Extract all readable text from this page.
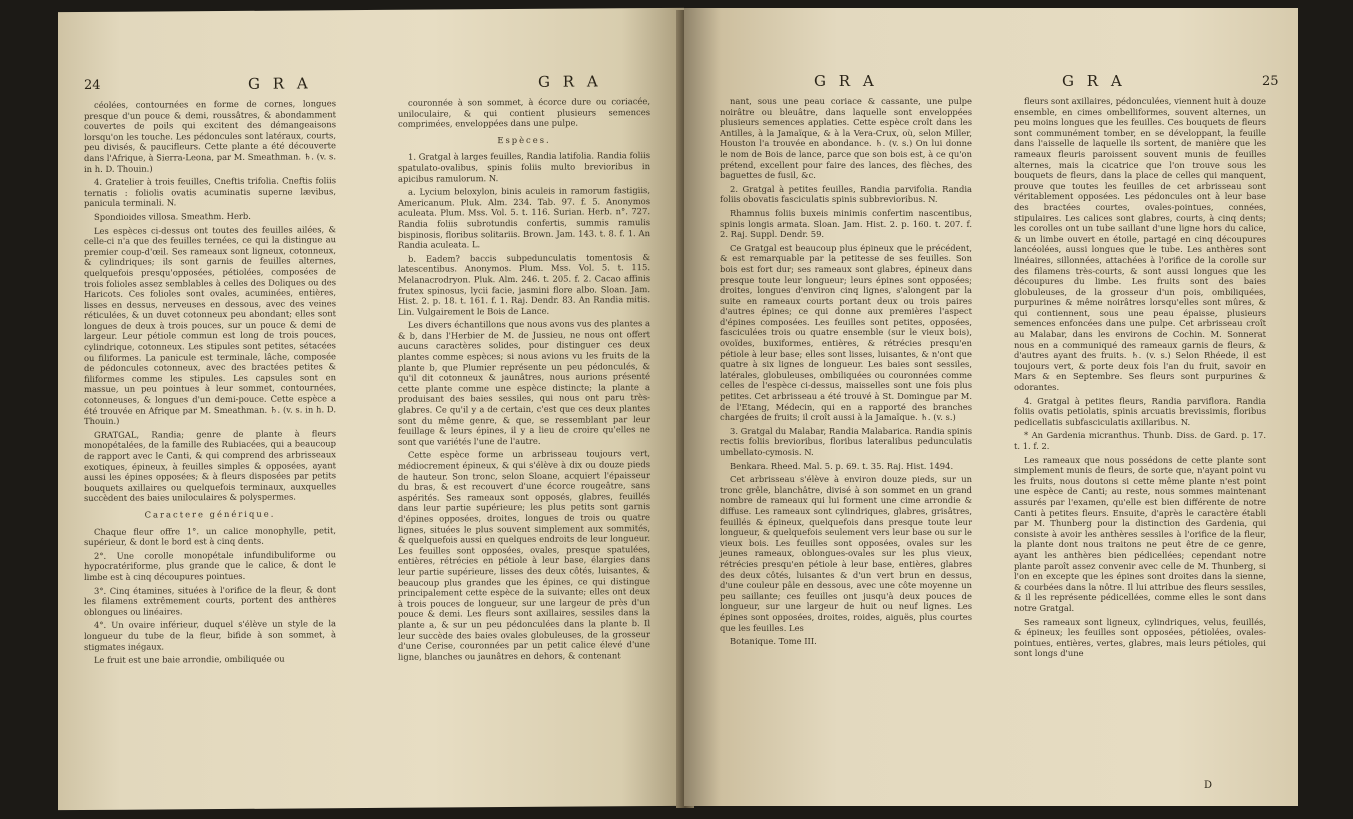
24	G R A	G R A

céolées, contournées en forme de cornes, longues presque d'un pouce & demi, roussâtres, & abondamment couvertes de poils qui excitent des démangeaisons lorsqu'on les touche. Les pédoncules sont latéraux, courts, peu divisés, & paucifleurs. Cette plante a été découverte dans l'Afrique, à Sierra-Leona, par M. Smeathman. ♄. (v. s. in h. D. Thouin.)

4. Gratelier à trois feuilles, Cneftis trifolia. Cneftis foliis ternatis : foliolis ovatis acuminatis superne lævibus, panicula terminali. N.

Spondioides villosa. Smeathm. Herb.

Les espèces ci-dessus ont toutes des feuilles ailées, & celle-ci n'a que des feuilles ternées, ce qui la distingue au premier coup-d'œil. Ses rameaux sont ligneux, cotonneux, & cylindriques; ils sont garnis de feuilles alternes, quelquefois presqu'opposées, pétiolées, composées de trois folioles assez semblables à celles des Doliques ou des Haricots. Ces folioles sont ovales, acuminées, entières, lisses en dessus, nerveuses en dessous, avec des veines réticulées, & un duvet cotonneux peu abondant; elles sont longues de deux à trois pouces, sur un pouce & demi de largeur. Leur pétiole commun est long de trois pouces, cylindrique, cotonneux. Les stipules sont petites, sétacées ou filiformes. La panicule est terminale, lâche, composée de pédoncules cotonneux, avec des bractées petites & filiformes comme les stipules. Les capsules sont en massue, un peu pointues à leur sommet, contournées, cotonneuses, & longues d'un demi-pouce. Cette espèce a été trouvée en Afrique par M. Smeathman. ♄. (v. s. in h. D. Thouin.)

GRATGAL, Randia; genre de plante à fleurs monopétalées, de la famille des Rubiacées, qui a beaucoup de rapport avec le Canti, & qui comprend des arbrisseaux exotiques, épineux, à feuilles simples & opposées, ayant aussi les épines opposées; & à fleurs disposées par petits bouquets axillaires ou quelquefois terminaux, auxquelles succèdent des baies uniloculaires & polyspermes.

Caractere générique.

Chaque fleur offre 1°. un calice monophylle, petit, supérieur, & dont le bord est à cinq dents.

2°. Une corolle monopétale infundibuliforme ou hypocratériforme, plus grande que le calice, & dont le limbe est à cinq découpures pointues.

3°. Cinq étamines, situées à l'orifice de la fleur, & dont les filamens extrêmement courts, portent des anthères oblongues ou linéaires.

4°. Un ovaire inférieur, duquel s'élève un style de la longueur du tube de la fleur, bifide à son sommet, à stigmates inégaux.

Le fruit est une baie arrondie, ombiliquée ou

couronnée à son sommet, à écorce dure ou coriacée, uniloculaire, & qui contient plusieurs semences comprimées, enveloppées dans une pulpe.

Espèces.

1. Gratgal à larges feuilles, Randia latifolia. Randia foliis spatulato-ovalibus, spinis foliis multo brevioribus in apicibus ramulorum. N.

a. Lycium beloxylon, binis aculeis in ramorum fastigiis, Americanum. Pluk. Alm. 234. Tab. 97. f. 5. Anonymos aculeata. Plum. Mss. Vol. 5. t. 116. Surian. Herb. n°. 727. Randia foliis subrotundis confertis, summis ramulis bispinosis, floribus solitariis. Brown. Jam. 143. t. 8. f. 1. An Randia aculeata. L.

b. Eadem? baccis subpedunculatis tomentosis & latescentibus. Anonymos. Plum. Mss. Vol. 5. t. 115. Melanacrodryon. Pluk. Alm. 246. t. 205. f. 2. Cacao affinis frutex spinosus, lycii facie, jasmini flore albo. Sloan. Jam. Hist. 2. p. 18. t. 161. f. 1. Raj. Dendr. 83. An Randia mitis. Lin. Vulgairement le Bois de Lance.

Les divers échantillons que nous avons vus des plantes a & b, dans l'Herbier de M. de Jussieu, ne nous ont offert aucuns caractères solides, pour distinguer ces deux plantes comme espèces; si nous avions vu les fruits de la plante b, que Plumier représente un peu pédonculés, & qu'il dit cotonneux & jaunâtres, nous aurions présenté cette plante comme une espèce distincte; la plante a produisant des baies sessiles, qui nous ont paru très-glabres. Ce qu'il y a de certain, c'est que ces deux plantes sont du même genre, & que, se ressemblant par leur feuillage & leurs épines, il y a lieu de croire qu'elles ne sont que variétés l'une de l'autre.

Cette espèce forme un arbrisseau toujours vert, médiocrement épineux, & qui s'élève à dix ou douze pieds de hauteur. Son tronc, selon Sloane, acquiert l'épaisseur du bras, & est recouvert d'une écorce rougeâtre, sans aspérités. Ses rameaux sont opposés, glabres, feuillés dans leur partie supérieure; les plus petits sont garnis d'épines opposées, droites, longues de trois ou quatre lignes, situées le plus souvent simplement aux sommités, & quelquefois aussi en quelques endroits de leur longueur. Les feuilles sont opposées, ovales, presque spatulées, entières, rétrécies en pétiole à leur base, élargies dans leur partie supérieure, lisses des deux côtés, luisantes, & beaucoup plus grandes que les épines, ce qui distingue principalement cette espèce de la suivante; elles ont deux à trois pouces de longueur, sur une largeur de près d'un pouce & demi. Les fleurs sont axillaires, sessiles dans la plante a, & sur un peu pédonculées dans la plante b. Il leur succède des baies ovales globuleuses, de la grosseur d'une Cerise, couronnées par un petit calice élevé d'une ligne, blanches ou jaunâtres en dehors, & contenant

G R A	G R A	25

nant, sous une peau coriace & cassante, une pulpe noirâtre ou bleuâtre, dans laquelle sont enveloppées plusieurs semences applaties. Cette espèce croît dans les Antilles, à la Jamaïque, & à la Vera-Crux, où, selon Miller, Houston l'a trouvée en abondance. ♄. (v. s.) On lui donne le nom de Bois de lance, parce que son bois est, à ce qu'on prétend, excellent pour faire des lances, des flèches, des baguettes de fusil, &c.

2. Gratgal à petites feuilles, Randia parvifolia. Randia foliis obovatis fasciculatis spinis subbrevioribus. N.

Rhamnus foliis buxeis minimis confertim nascentibus, spinis longis armata. Sloan. Jam. Hist. 2. p. 160. t. 207. f. 2. Raj. Suppl. Dendr. 59.

Ce Gratgal est beaucoup plus épineux que le précédent, & est remarquable par la petitesse de ses feuilles. Son bois est fort dur; ses rameaux sont glabres, épineux dans presque toute leur longueur; leurs épines sont opposées; droites, longues d'environ cinq lignes, s'alongent par la suite en rameaux courts portant deux ou trois paires d'autres épines; ce qui donne aux premières l'aspect d'épines composées. Les feuilles sont petites, opposées, fasciculées trois ou quatre ensemble (sur le vieux bois), ovoïdes, buxiformes, entières, & rétrécies presqu'en pétiole à leur base; elles sont lisses, luisantes, & n'ont que quatre à six lignes de longueur. Les baies sont sessiles, latérales, globuleuses, ombiliquées ou couronnées comme celles de l'espèce ci-dessus, maisselles sont une fois plus petites. Cet arbrisseau a été trouvé à St. Domingue par M. de l'Etang, Médecin, qui en a rapporté des branches chargées de fruits; il croît aussi à la Jamaïque. ♄. (v. s.)

3. Gratgal du Malabar, Randia Malabarica. Randia spinis rectis foliis brevioribus, floribus lateralibus pedunculatis umbellato-cymosis. N.

Benkara. Rheed. Mal. 5. p. 69. t. 35. Raj. Hist. 1494.

Cet arbrisseau s'élève à environ douze pieds, sur un tronc grêle, blanchâtre, divisé à son sommet en un grand nombre de rameaux qui lui forment une cime arrondie & diffuse. Les rameaux sont cylindriques, glabres, grisâtres, feuillés & épineux, quelquefois dans presque toute leur longueur, & quelquefois seulement vers leur base ou sur le vieux bois. Les feuilles sont opposées, ovales sur les jeunes rameaux, oblongues-ovales sur les plus vieux, rétrécies presqu'en pétiole à leur base, entières, glabres des deux côtés, luisantes & d'un vert brun en dessus, d'une couleur pâle en dessous, avec une côte moyenne un peu saillante; ces feuilles ont jusqu'à deux pouces de longueur, sur une largeur de huit ou neuf lignes. Les épines sont opposées, droites, roides, aiguës, plus courtes que les feuilles. Les

Botanique. Tome III.

fleurs sont axillaires, pédonculées, viennent huit à douze ensemble, en cimes ombelliformes, souvent alternes, un peu moins longues que les feuilles. Ces bouquets de fleurs sont communément tomber, en se développant, la feuille dans l'aisselle de laquelle ils sortent, de manière que les rameaux fleuris paroissent souvent munis de feuilles alternes, mais la cicatrice que l'on trouve sous les bouquets de fleurs, dans la place de celles qui manquent, prouve que toutes les feuilles de cet arbrisseau sont véritablement opposées. Les pédoncules ont à leur base des bractées courtes, ovales-pointues, connées, stipulaires. Les calices sont glabres, courts, à cinq dents; les corolles ont un tube saillant d'une ligne hors du calice, & un limbe ouvert en étoile, partagé en cinq découpures lancéolées, aussi longues que le tube. Les anthères sont linéaires, sillonnées, attachées à l'orifice de la corolle sur des filamens très-courts, & sont aussi longues que les découpures du limbe. Les fruits sont des baies globuleuses, de la grosseur d'un pois, ombiliquées, purpurines & même noirâtres lorsqu'elles sont mûres, & qui contiennent, sous une peau épaisse, plusieurs semences enfoncées dans une pulpe. Cet arbrisseau croît au Malabar, dans les environs de Cochin. M. Sonnerat nous en a communiqué des rameaux garnis de fleurs, & d'autres ayant des fruits. ♄. (v. s.) Selon Rhéede, il est toujours vert, & porte deux fois l'an du fruit, savoir en Mars & en Septembre. Ses fleurs sont purpurines & odorantes.

4. Gratgal à petites fleurs, Randia parviflora. Randia foliis ovatis petiolatis, spinis arcuatis brevissimis, floribus pedicellatis subfasciculatis axillaribus. N.

* An Gardenia micranthus. Thunb. Diss. de Gard. p. 17. t. 1. f. 2.

Les rameaux que nous possédons de cette plante sont simplement munis de fleurs, de sorte que, n'ayant point vu les fruits, nous doutons si cette même plante n'est point une espèce de Canti; au reste, nous sommes maintenant assurés par l'examen, qu'elle est bien différente de notre Canti à petites fleurs. Ensuite, d'après le caractère établi par M. Thunberg pour la distinction des Gardenia, qui consiste à avoir les anthères sessiles à l'orifice de la fleur, la plante dont nous traitons ne peut être de ce genre, ayant les anthères bien pédicellées; cependant notre plante paroît assez convenir avec celle de M. Thunberg, si l'on en excepte que les épines sont droites dans la sienne, & courbées dans la nôtre. Il lui attribue des fleurs sessiles, & il les représente pédicellées, comme elles le sont dans notre Gratgal.

Ses rameaux sont ligneux, cylindriques, velus, feuillés, & épineux; les feuilles sont opposées, pétiolées, ovales-pointues, entières, vertes, glabres, mais leurs pétioles, qui sont longs d'une

D
